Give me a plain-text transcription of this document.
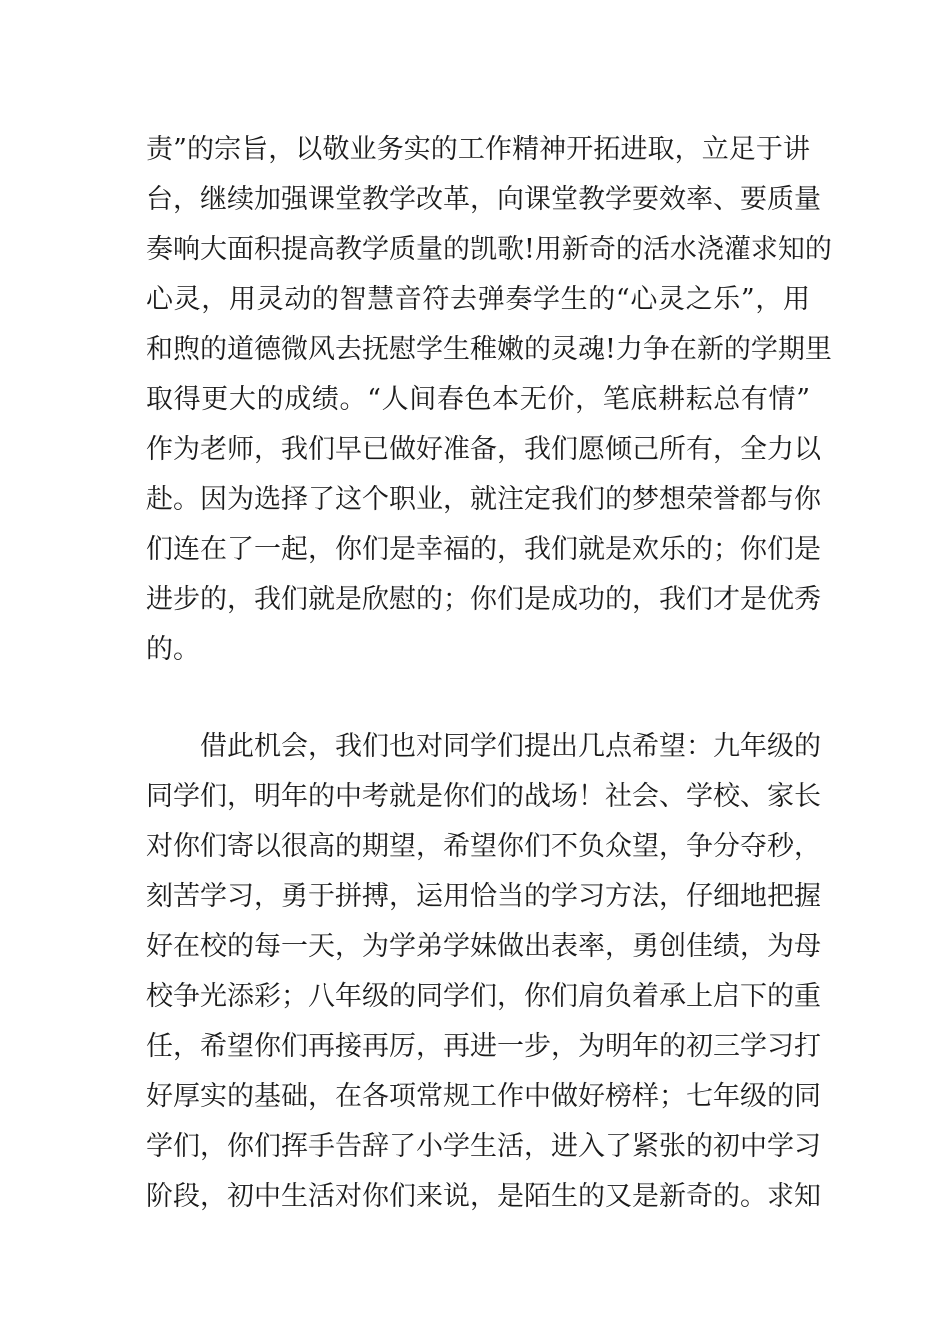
责”的宗旨，以敬业务实的工作精神开拓进取，立足于讲
台，继续加强课堂教学改革，向课堂教学要效率、要质量
奏响大面积提高教学质量的凯歌!用新奇的活水浇灌求知的
心灵，用灵动的智慧音符去弹奏学生的“心灵之乐”，用
和煦的道德微风去抚慰学生稚嫩的灵魂!力争在新的学期里
取得更大的成绩。“人间春色本无价，笔底耕耘总有情”
作为老师，我们早已做好准备，我们愿倾己所有，全力以
赴。因为选择了这个职业，就注定我们的梦想荣誉都与你
们连在了一起，你们是幸福的，我们就是欢乐的；你们是
进步的，我们就是欣慰的；你们是成功的，我们才是优秀
的。
借此机会，我们也对同学们提出几点希望：九年级的
同学们，明年的中考就是你们的战场！社会、学校、家长
对你们寄以很高的期望，希望你们不负众望，争分夺秒，
刻苦学习，勇于拼搏，运用恰当的学习方法，仔细地把握
好在校的每一天，为学弟学妹做出表率，勇创佳绩，为母
校争光添彩；八年级的同学们，你们肩负着承上启下的重
任，希望你们再接再厉，再进一步，为明年的初三学习打
好厚实的基础，在各项常规工作中做好榜样；七年级的同
学们，你们挥手告辞了小学生活，进入了紧张的初中学习
阶段，初中生活对你们来说，是陌生的又是新奇的。求知
